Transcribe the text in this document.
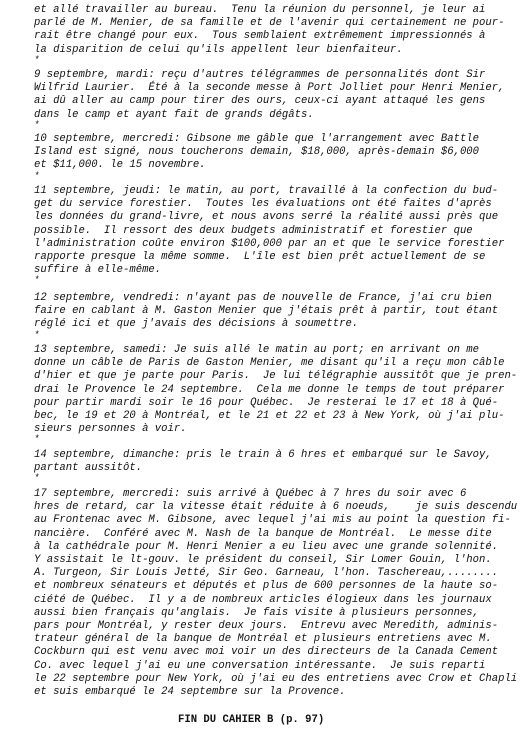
et allé travailler au bureau.  Tenu la réunion du personnel, je leur ai
parlé de M. Menier, de sa famille et de l'avenir qui certainement ne pour-
rait être changé pour eux.  Tous semblaient extrêmement impressionnés à
la disparition de celui qu'ils appellent leur bienfaiteur.
*
9 septembre, mardi: reçu d'autres télégrammes de personnalités dont Sir
Wilfrid Laurier.  Été à la seconde messe à Port Jolliet pour Henri Menier,
ai dû aller au camp pour tirer des ours, ceux-ci ayant attaqué les gens
dans le camp et ayant fait de grands dégâts.
*
10 septembre, mercredi: Gibsone me gâble que l'arrangement avec Battle
Island est signé, nous toucherons demain, $18,000, après-demain $6,000
et $11,000. le 15 novembre.
*
11 septembre, jeudi: le matin, au port, travaillé à la confection du bud-
get du service forestier.  Toutes les évaluations ont été faites d'après
les données du grand-livre, et nous avons serré la réalité aussi près que
possible.  Il ressort des deux budgets administratif et forestier que
l'administration coûte environ $100,000 par an et que le service forestier
rapporte presque la même somme.  L'île est bien prêt actuellement de se
suffire à elle-même.
*
12 septembre, vendredi: n'ayant pas de nouvelle de France, j'ai cru bien
faire en cablant à M. Gaston Menier que j'étais prêt à partir, tout étant
réglé ici et que j'avais des décisions à soumettre.
*
13 septembre, samedi: Je suis allé le matin au port; en arrivant on me
donne un câble de Paris de Gaston Menier, me disant qu'il a reçu mon câble
d'hier et que je parte pour Paris.  Je lui télégraphie aussitôt que je pren-
drai le Provence le 24 septembre.  Cela me donne le temps de tout préparer
pour partir mardi soir le 16 pour Québec.  Je resterai le 17 et 18 à Qué-
bec, le 19 et 20 à Montréal, et le 21 et 22 et 23 à New York, où j'ai plu-
sieurs personnes à voir.
*
14 septembre, dimanche: pris le train à 6 hres et embarqué sur le Savoy,
partant aussitôt.
*
17 septembre, mercredi: suis arrivé à Québec à 7 hres du soir avec 6
hres de retard, car la vitesse était réduite à 6 noeuds,    je suis descendu
au Frontenac avec M. Gibsone, avec lequel j'ai mis au point la question fi-
nancière.  Conféré avec M. Nash de la banque de Montréal.  Le messe dite
à la cathédrale pour M. Henri Menier a eu lieu avec une grande solennité.
Y assistait le lt-gouv. le président du conseil, Sir Lomer Gouin, l'hon.
A. Turgeon, Sir Louis Jetté, Sir Geo. Garneau, l'hon. Taschereau,........
et nombreux sénateurs et députés et plus de 600 personnes de la haute so-
ciété de Québec.  Il y a de nombreux articles élogieux dans les journaux
aussi bien français qu'anglais.  Je fais visite à plusieurs personnes,
pars pour Montréal, y rester deux jours.  Entrevu avec Meredith, adminis-
trateur général de la banque de Montréal et plusieurs entretiens avec M.
Cockburn qui est venu avec moi voir un des directeurs de la Canada Cement
Co. avec lequel j'ai eu une conversation intéressante.  Je suis reparti
le 22 septembre pour New York, où j'ai eu des entretiens avec Crow et Chapli
et suis embarqué le 24 septembre sur la Provence.
FIN DU CAHIER B (p. 97)
